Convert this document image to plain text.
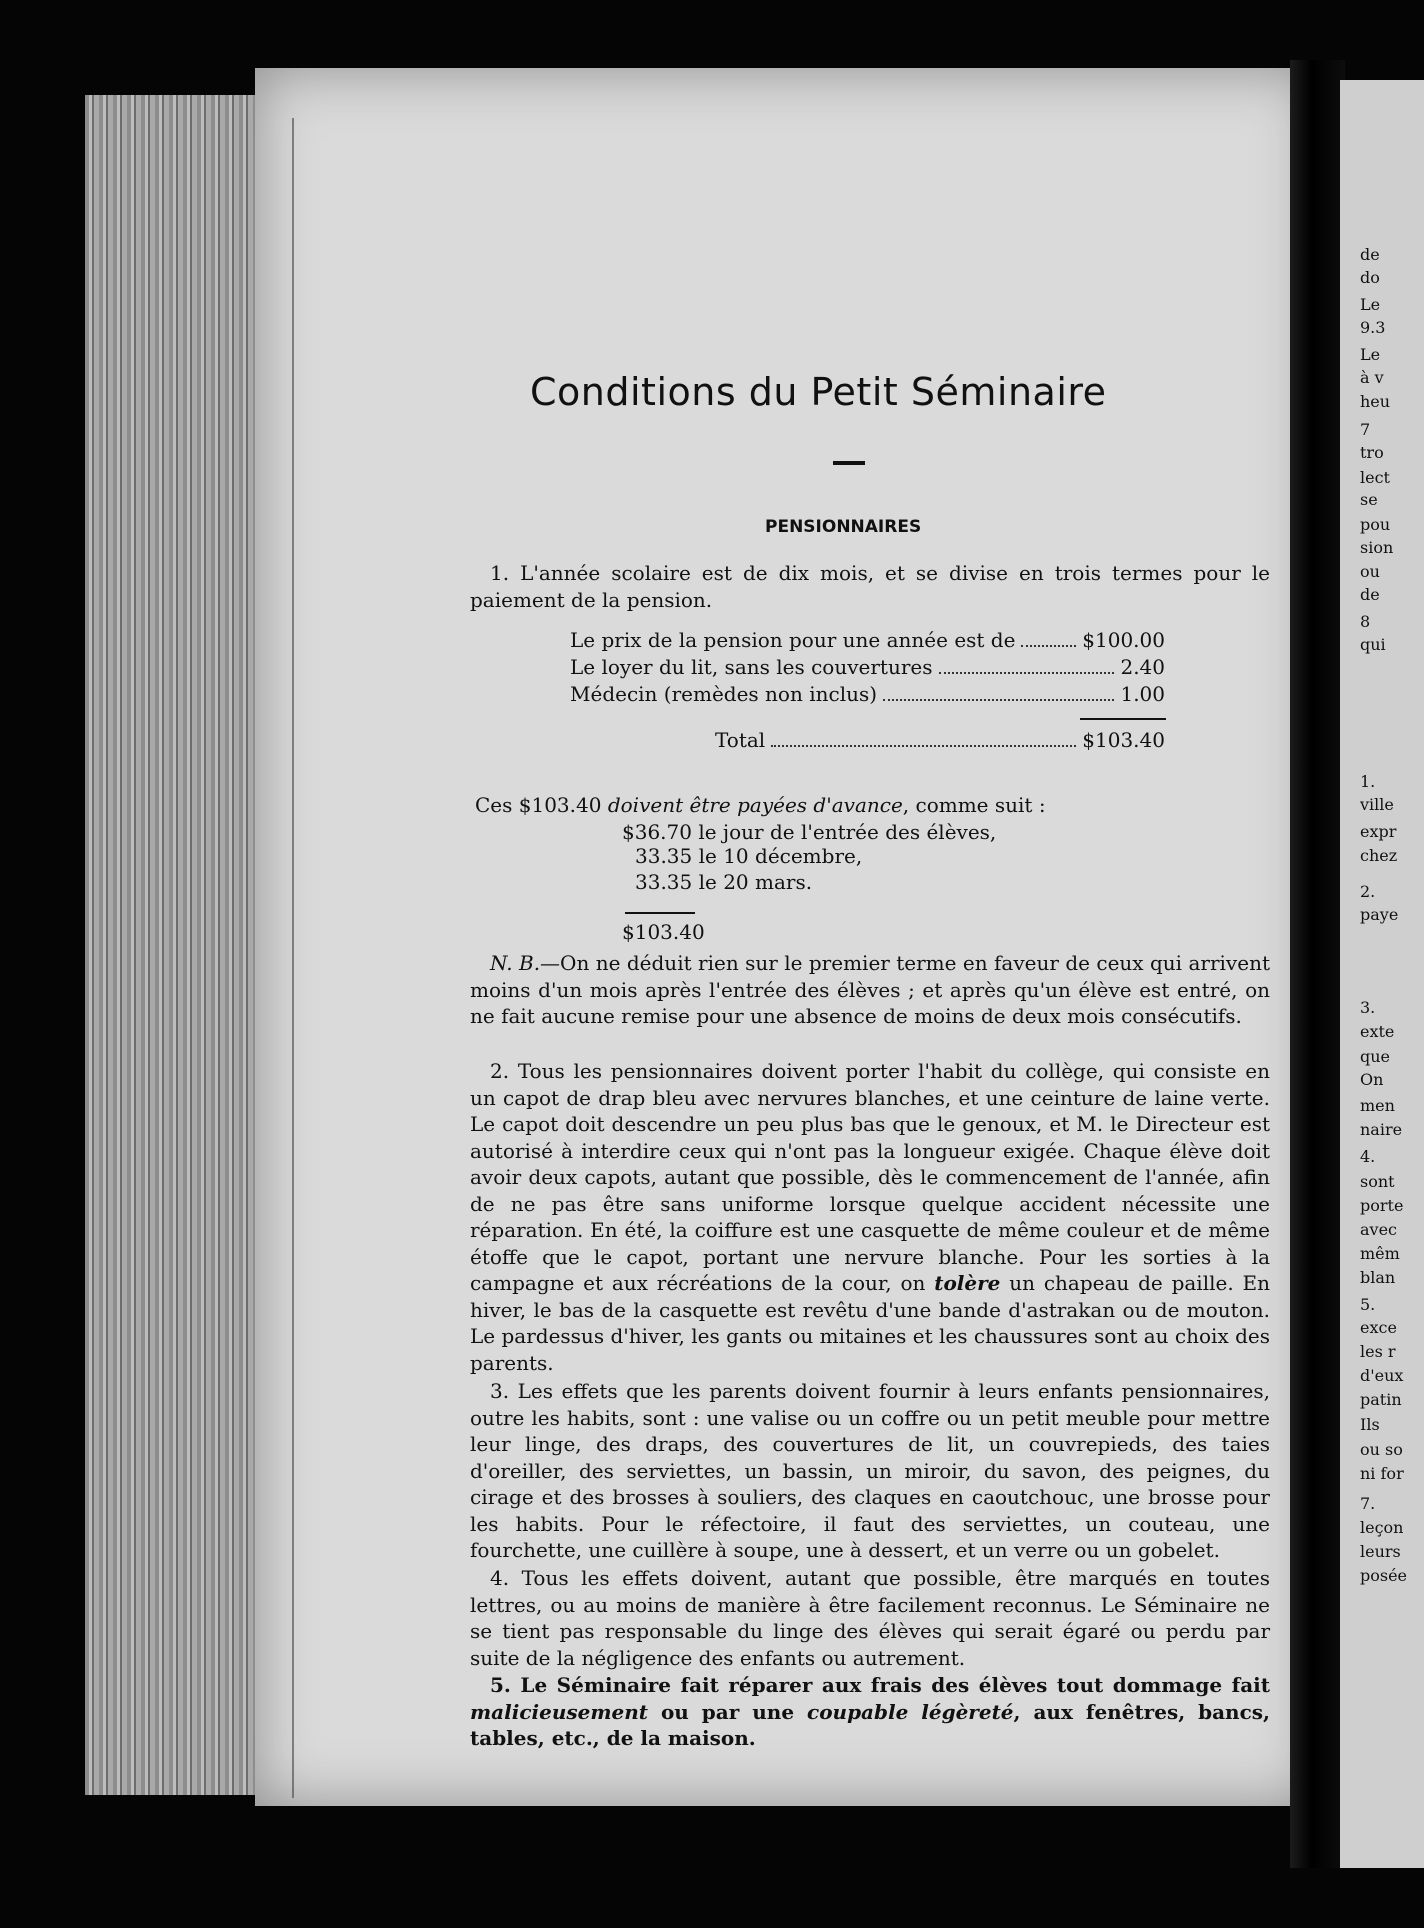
de
do
Le
9.3
Le
à v
heu
7
tro
lect
se
pou
sion
ou
de
8
qui
1.
ville
expr
chez
2.
paye
3.
exte
que
On
men
naire
4.
sont
porte
avec
mêm
blan
5.
exce
les r
d'eux
patin
Ils
ou so
ni for
7.
leçon
leurs
posée
Conditions du Petit Séminaire
PENSIONNAIRES
1. L'année scolaire est de dix mois, et se divise en trois termes pour le paiement de la pension.
Le prix de la pension pour une année est de	$100.00
Le loyer du lit, sans les couvertures	2.40
Médecin (remèdes non inclus)	1.00
Total	$103.40
Ces $103.40 doivent être payées d'avance, comme suit :
$36.70 le jour de l'entrée des élèves,
33.35 le 10 décembre,
33.35 le 20 mars.
$103.40
N. B.—On ne déduit rien sur le premier terme en faveur de ceux qui arrivent moins d'un mois après l'entrée des élèves ; et après qu'un élève est entré, on ne fait aucune remise pour une absence de moins de deux mois consécutifs.
2. Tous les pensionnaires doivent porter l'habit du collège, qui consiste en un capot de drap bleu avec nervures blanches, et une ceinture de laine verte. Le capot doit descendre un peu plus bas que le genoux, et M. le Directeur est autorisé à interdire ceux qui n'ont pas la longueur exigée. Chaque élève doit avoir deux capots, autant que possible, dès le commencement de l'année, afin de ne pas être sans uniforme lorsque quelque accident nécessite une réparation. En été, la coiffure est une casquette de même couleur et de même étoffe que le capot, portant une nervure blanche. Pour les sorties à la campagne et aux récréations de la cour, on tolère un chapeau de paille. En hiver, le bas de la casquette est revêtu d'une bande d'astrakan ou de mouton. Le pardessus d'hiver, les gants ou mitaines et les chaussures sont au choix des parents.
3. Les effets que les parents doivent fournir à leurs enfants pensionnaires, outre les habits, sont : une valise ou un coffre ou un petit meuble pour mettre leur linge, des draps, des couvertures de lit, un couvrepieds, des taies d'oreiller, des serviettes, un bassin, un miroir, du savon, des peignes, du cirage et des brosses à souliers, des claques en caoutchouc, une brosse pour les habits. Pour le réfectoire, il faut des serviettes, un couteau, une fourchette, une cuillère à soupe, une à dessert, et un verre ou un gobelet.
4. Tous les effets doivent, autant que possible, être marqués en toutes lettres, ou au moins de manière à être facilement reconnus. Le Séminaire ne se tient pas responsable du linge des élèves qui serait égaré ou perdu par suite de la négligence des enfants ou autrement.
5. Le Séminaire fait réparer aux frais des élèves tout dommage fait malicieusement ou par une coupable légèreté, aux fenêtres, bancs, tables, etc., de la maison.
